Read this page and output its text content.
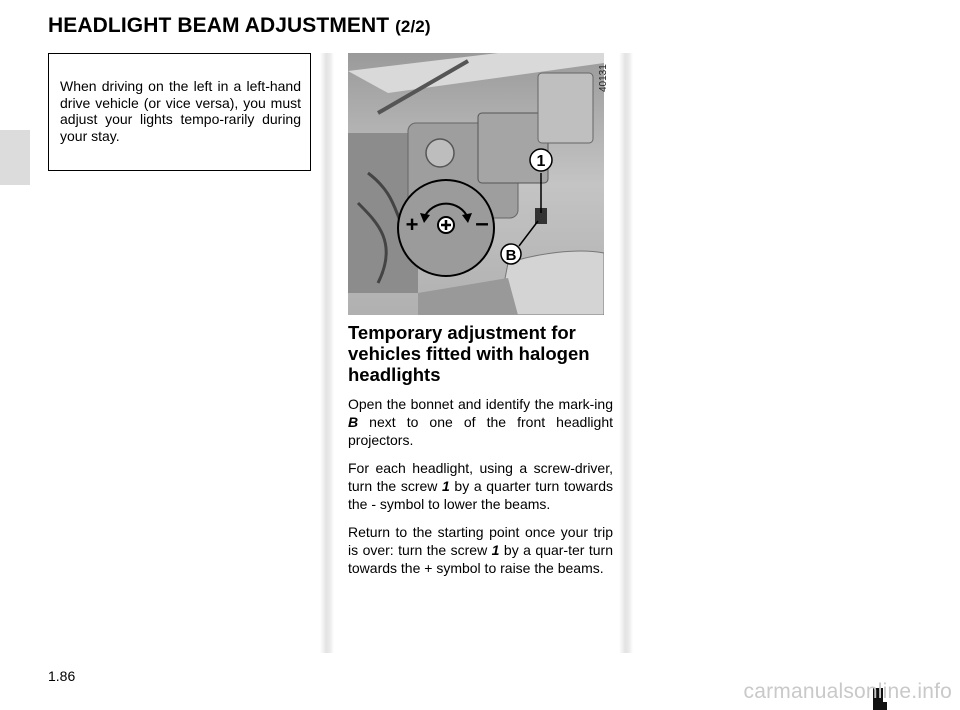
HEADLIGHT BEAM ADJUSTMENT (2/2)

When driving on the left in a left-hand drive vehicle (or vice versa), you must adjust your lights tempo-rarily during your stay.

1
B
+ –
40131
Temporary adjustment for vehicles fitted with halogen headlights

Open the bonnet and identify the mark-ing B next to one of the front headlight projectors.

For each headlight, using a screw-driver, turn the screw 1 by a quarter turn towards the - symbol to lower the beams.

Return to the starting point once your trip is over: turn the screw 1 by a quar-ter turn towards the + symbol to raise the beams.

1.86
carmanualsonline.info
